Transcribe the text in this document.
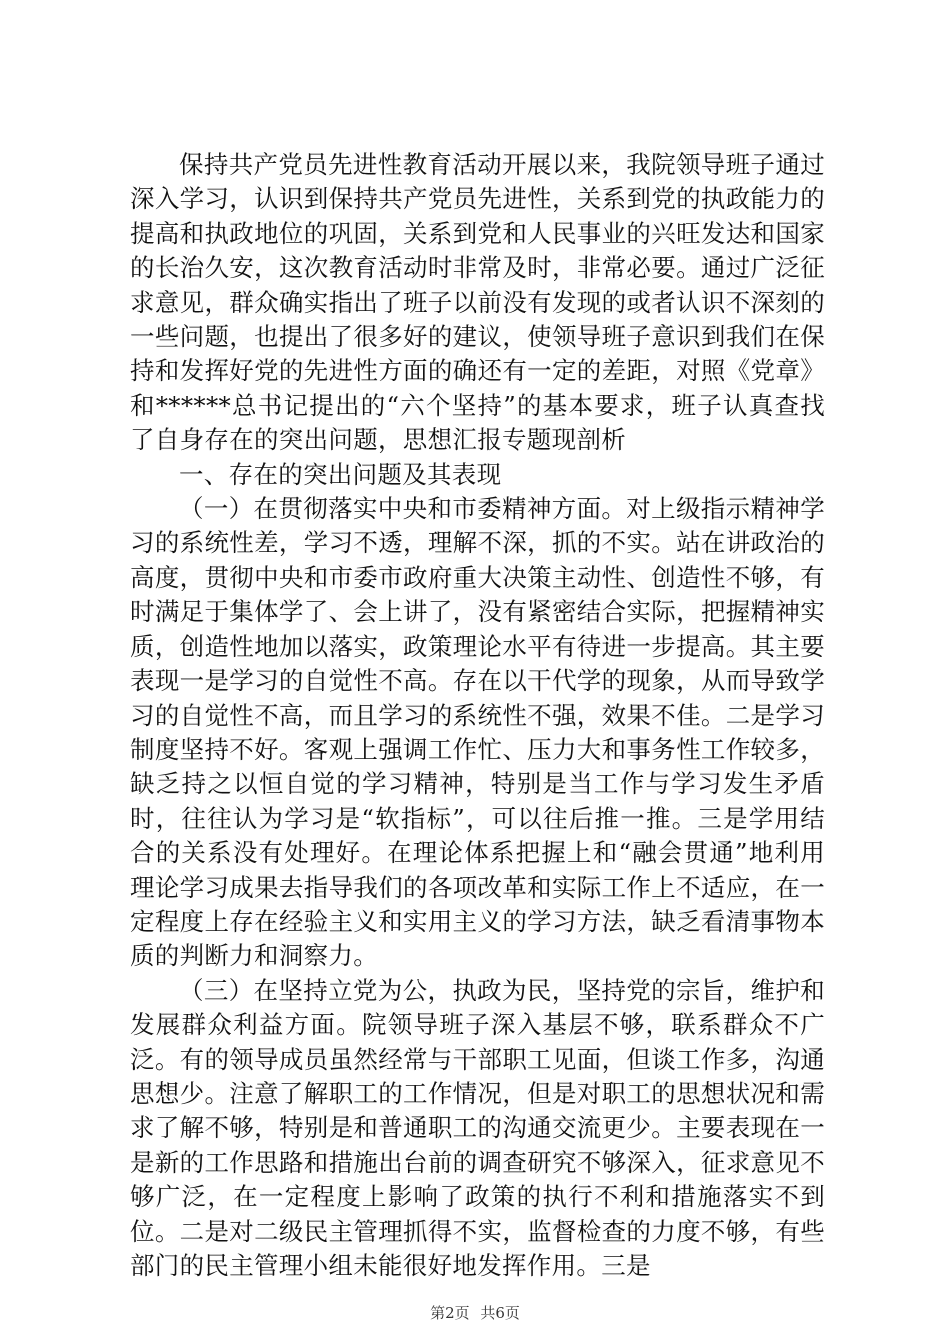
保持共产党员先进性教育活动开展以来，我院领导班子通过深入学习，认识到保持共产党员先进性，关系到党的执政能力的提高和执政地位的巩固，关系到党和人民事业的兴旺发达和国家的长治久安，这次教育活动时非常及时，非常必要。通过广泛征求意见，群众确实指出了班子以前没有发现的或者认识不深刻的一些问题，也提出了很多好的建议，使领导班子意识到我们在保持和发挥好党的先进性方面的确还有一定的差距，对照《党章》和******总书记提出的“六个坚持”的基本要求，班子认真查找了自身存在的突出问题，思想汇报专题现剖析

一、存在的突出问题及其表现

（一）在贯彻落实中央和市委精神方面。对上级指示精神学习的系统性差，学习不透，理解不深，抓的不实。站在讲政治的高度，贯彻中央和市委市政府重大决策主动性、创造性不够，有时满足于集体学了、会上讲了，没有紧密结合实际，把握精神实质，创造性地加以落实，政策理论水平有待进一步提高。其主要表现一是学习的自觉性不高。存在以干代学的现象，从而导致学习的自觉性不高，而且学习的系统性不强，效果不佳。二是学习制度坚持不好。客观上强调工作忙、压力大和事务性工作较多，缺乏持之以恒自觉的学习精神，特别是当工作与学习发生矛盾时，往往认为学习是“软指标”，可以往后推一推。三是学用结合的关系没有处理好。在理论体系把握上和“融会贯通”地利用理论学习成果去指导我们的各项改革和实际工作上不适应，在一定程度上存在经验主义和实用主义的学习方法，缺乏看清事物本质的判断力和洞察力。

（三）在坚持立党为公，执政为民，坚持党的宗旨，维护和发展群众利益方面。院领导班子深入基层不够，联系群众不广泛。有的领导成员虽然经常与干部职工见面，但谈工作多，沟通思想少。注意了解职工的工作情况，但是对职工的思想状况和需求了解不够，特别是和普通职工的沟通交流更少。主要表现在一是新的工作思路和措施出台前的调查研究不够深入，征求意见不够广泛，在一定程度上影响了政策的执行不利和措施落实不到位。二是对二级民主管理抓得不实，监督检查的力度不够，有些部门的民主管理小组未能很好地发挥作用。三是

第2页 共6页
